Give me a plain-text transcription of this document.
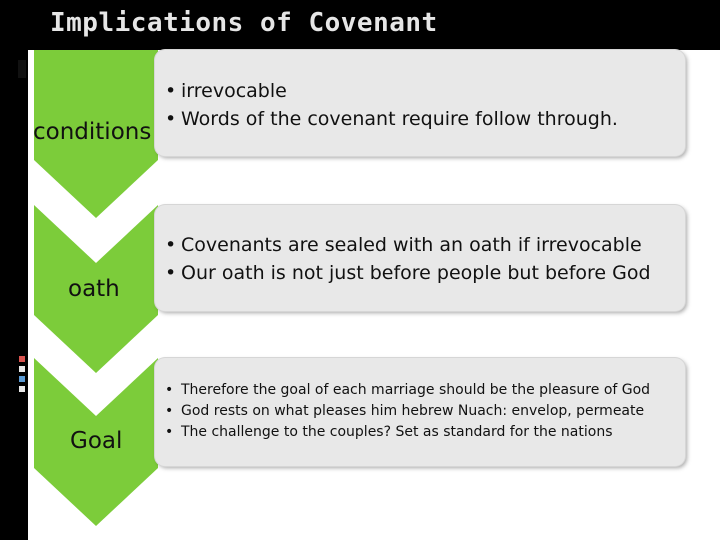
Implications of Covenant
conditions
• irrevocable
• Words of the covenant require follow through.
oath
• Covenants are sealed with an oath if irrevocable
• Our oath is not just before people but before God
Goal
• Therefore the goal of each marriage should be the pleasure of God
• God rests on what pleases him hebrew Nuach: envelop, permeate
• The challenge to the couples? Set as standard for the nations
